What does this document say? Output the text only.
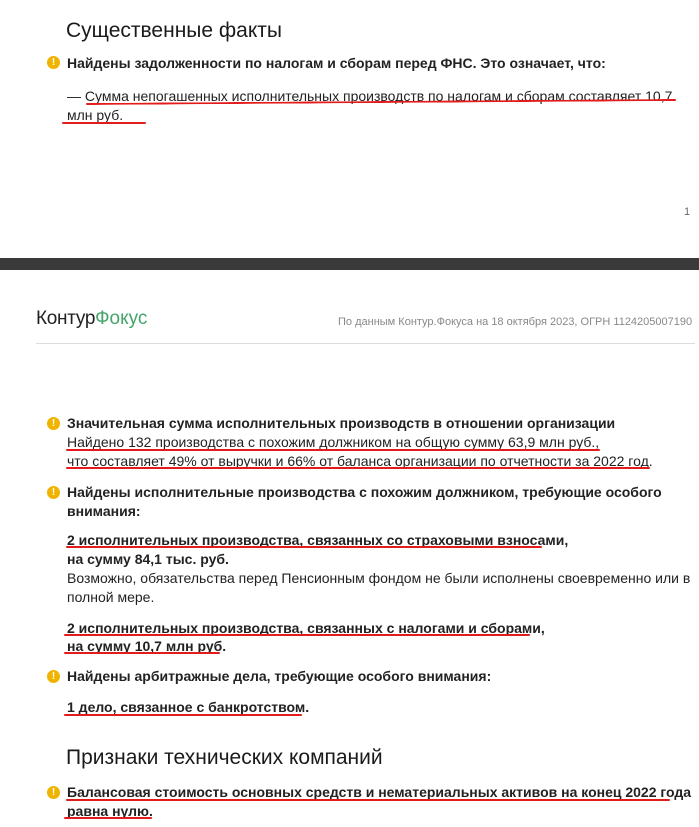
Существенные факты
! Найдены задолженности по налогам и сборам перед ФНС. Это означает, что:
— Сумма непогашенных исполнительных производств по налогам и сборам составляет 10,7
млн руб.
1
КонтурФокус	По данным Контур.Фокуса на 18 октября 2023, ОГРН 1124205007190
! Значительная сумма исполнительных производств в отношении организации
Найдено 132 производства с похожим должником на общую сумму 63,9 млн руб.,
что составляет 49% от выручки и 66% от баланса организации по отчетности за 2022 год.
! Найдены исполнительные производства с похожим должником, требующие особого
внимания:
2 исполнительных производства, связанных со страховыми взносами,
на сумму 84,1 тыс. руб.
Возможно, обязательства перед Пенсионным фондом не были исполнены своевременно или в
полной мере.
2 исполнительных производства, связанных с налогами и сборами,
на сумму 10,7 млн руб.
! Найдены арбитражные дела, требующие особого внимания:
1 дело, связанное с банкротством.
Признаки технических компаний
! Балансовая стоимость основных средств и нематериальных активов на конец 2022 года
равна нулю.
